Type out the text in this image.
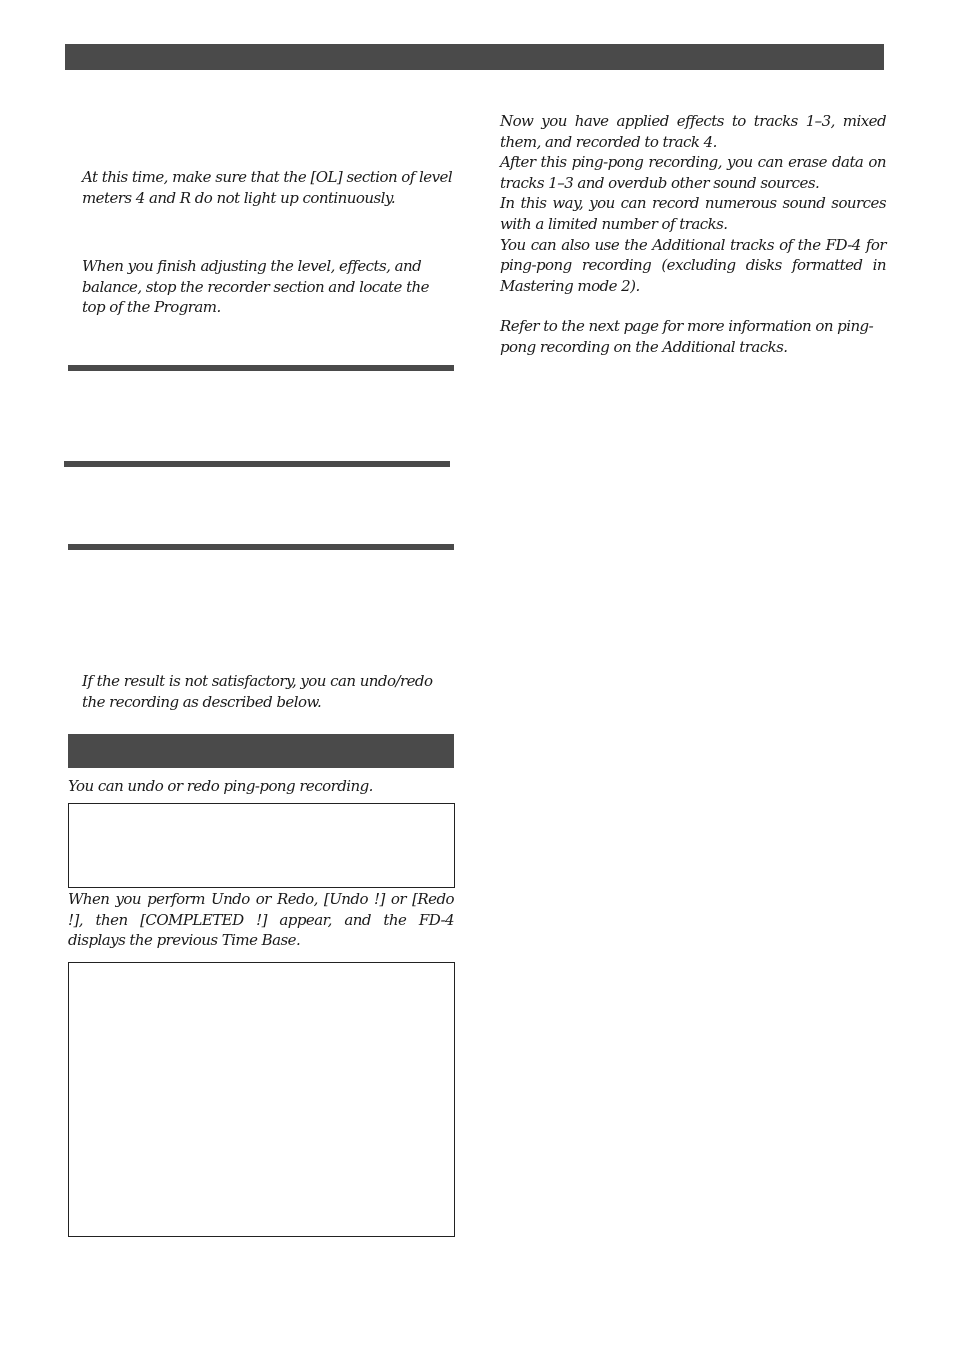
At this time, make sure that the [OL] section of level meters 4 and R do not light up continuously.

When you finish adjusting the level, effects, and balance, stop the recorder section and locate the top of the Program.

If the result is not satisfactory, you can undo/redo the recording as described below.

You can undo or redo ping-pong recording.

When you perform Undo or Redo, [Undo !] or [Redo !], then [COMPLETED !] appear, and the FD-4 displays the previous Time Base.

Now you have applied effects to tracks 1–3, mixed them, and recorded to track 4.

After this ping-pong recording, you can erase data on tracks 1–3 and overdub other sound sources.

In this way, you can record numerous sound sources with a limited number of tracks.

You can also use the Additional tracks of the FD-4 for ping-pong recording (excluding disks formatted in Mastering mode 2).

Refer to the next page for more information on ping-pong recording on the Additional tracks.
